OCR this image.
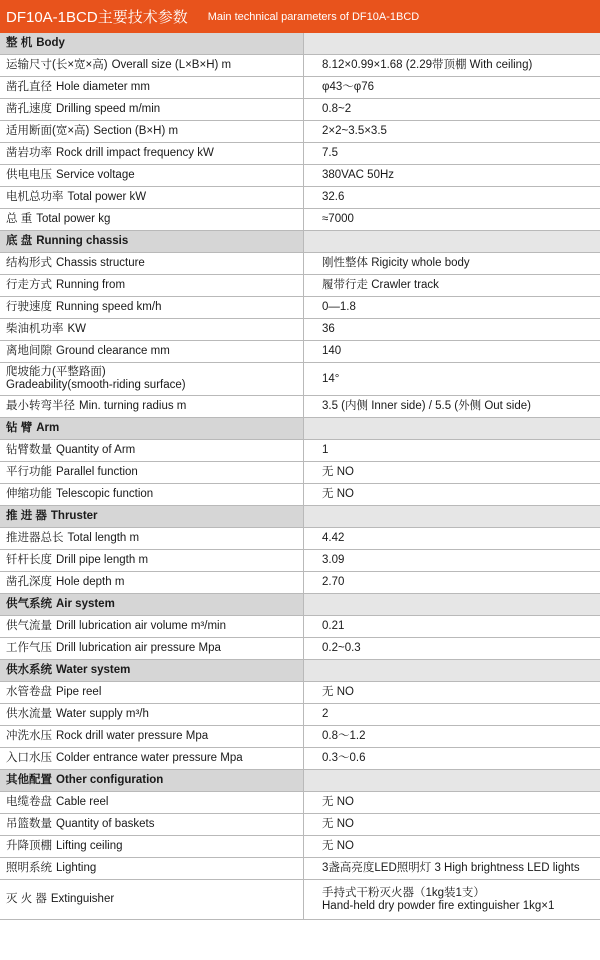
DF10A-1BCD主要技术参数 Main technical parameters of DF10A-1BCD
整 机 Body	
运输尺寸(长×宽×高) Overall size (L×B×H) m	8.12×0.99×1.68 (2.29带顶棚 With ceiling)
凿孔直径 Hole diameter mm	φ43～φ76
凿孔速度 Drilling speed m/min	0.8~2
适用断面(宽×高) Section (B×H) m	2×2~3.5×3.5
凿岩功率 Rock drill impact frequency kW	7.5
供电电压 Service voltage	380VAC 50Hz
电机总功率 Total power kW	32.6
总 重 Total power kg	≈7000
底 盘 Running chassis	
结构形式 Chassis structure	刚性整体 Rigicity whole body
行走方式 Running from	履带行走 Crawler track
行驶速度 Running speed km/h	0—1.8
柴油机功率 KW	36
离地间隙 Ground clearance mm	140

爬坡能力(平整路面)
Gradeability(smooth-riding surface)	14°
最小转弯半径 Min. turning radius m	3.5 (内侧 Inner side) / 5.5 (外侧 Out side)
钻 臂 Arm	
钻臂数量 Quantity of Arm	1
平行功能 Parallel function	无 NO
伸缩功能 Telescopic function	无 NO
推 进 器 Thruster	
推进器总长 Total length m	4.42
钎杆长度 Drill pipe length m	3.09
凿孔深度 Hole depth m	2.70
供气系统 Air system	
供气流量 Drill lubrication air volume m³/min	0.21
工作气压 Drill lubrication air pressure Mpa	0.2~0.3
供水系统 Water system	
水管卷盘 Pipe reel	无 NO
供水流量 Water supply m³/h	2
冲洗水压 Rock drill water pressure Mpa	0.8～1.2
入口水压 Colder entrance water pressure Mpa	0.3～0.6
其他配置 Other configuration	
电缆卷盘 Cable reel	无 NO
吊篮数量 Quantity of baskets	无 NO
升降顶棚 Lifting ceiling	无 NO
照明系统 Lighting	3盏高亮度LED照明灯 3 High brightness LED lights
灭 火 器 Extinguisher	手持式干粉灭火器（1kg装1支）
Hand-held dry powder fire extinguisher 1kg×1
